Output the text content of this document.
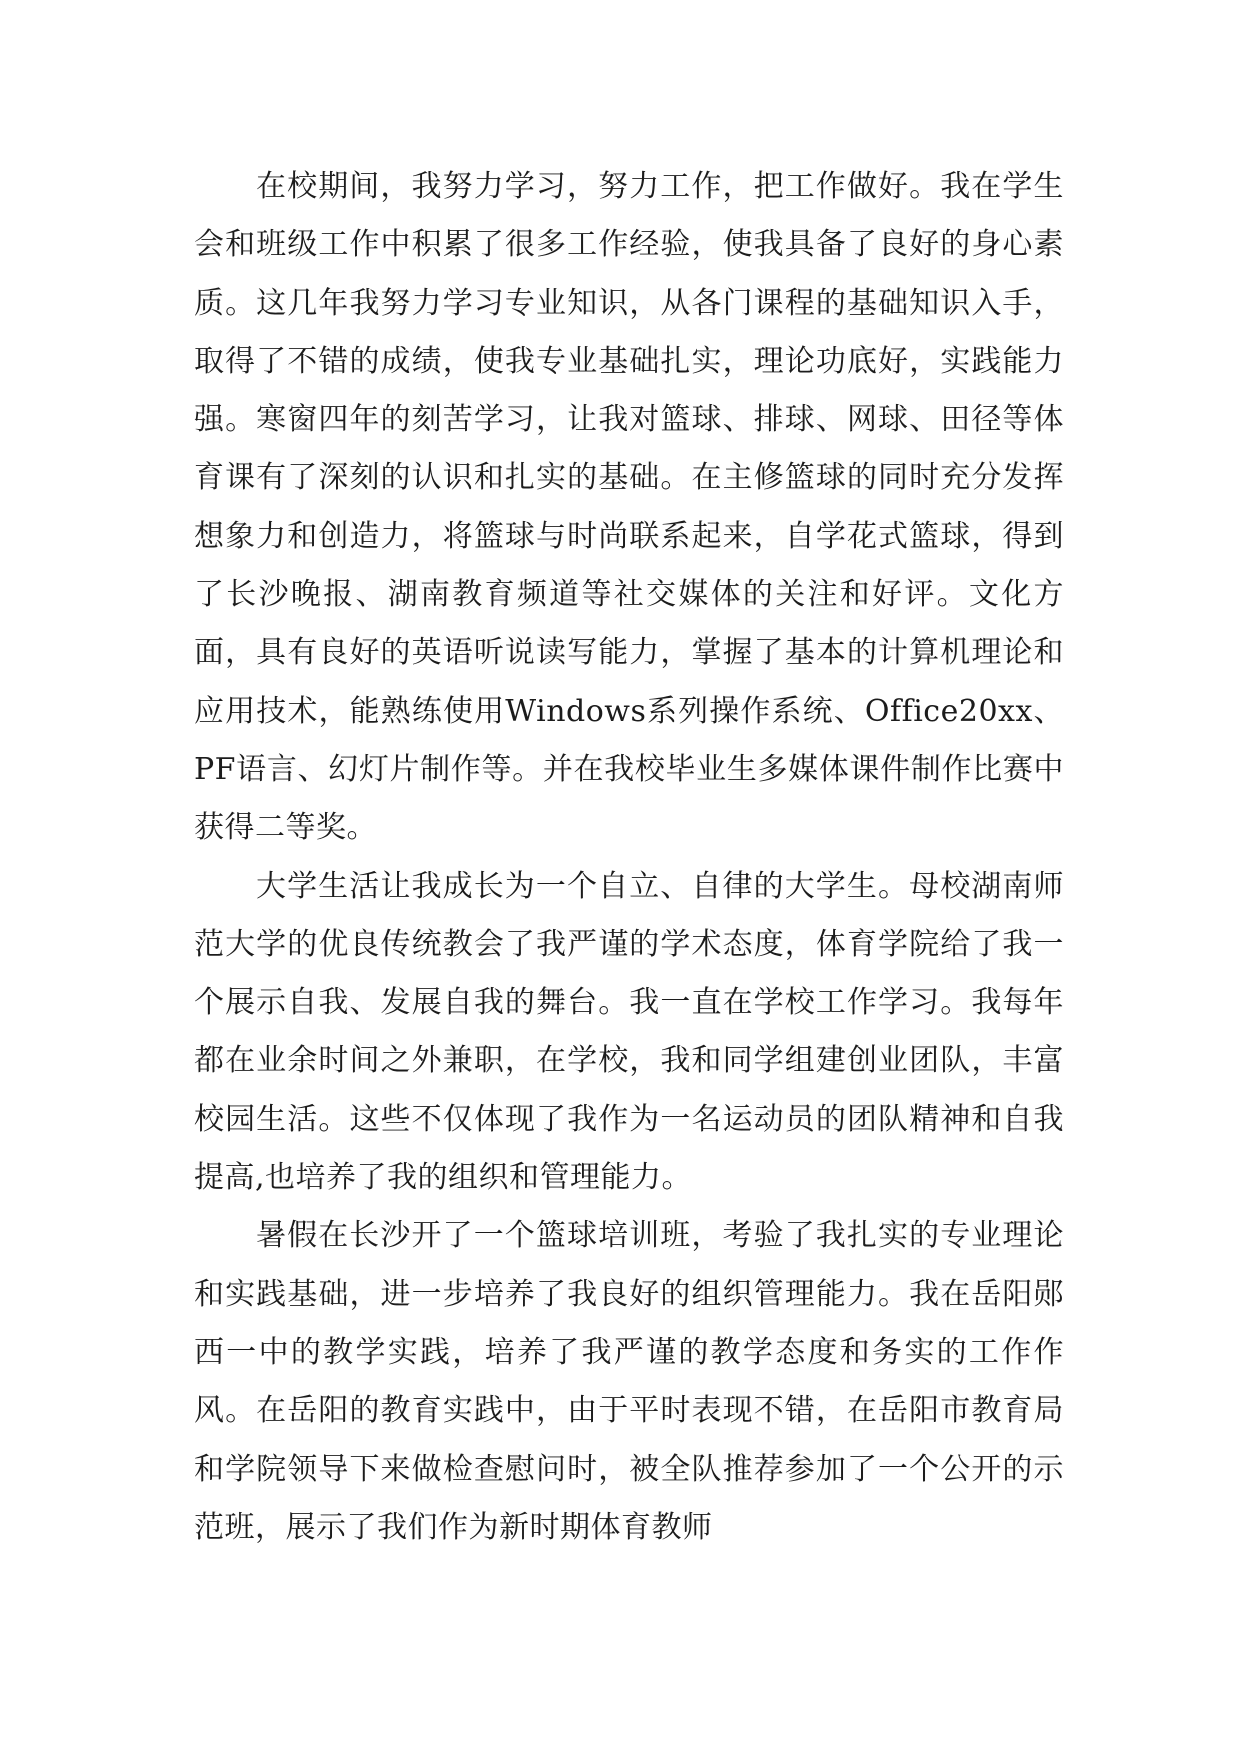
在校期间，我努力学习，努力工作，把工作做好。我在学生会和班级工作中积累了很多工作经验，使我具备了良好的身心素质。这几年我努力学习专业知识，从各门课程的基础知识入手，取得了不错的成绩，使我专业基础扎实，理论功底好，实践能力强。寒窗四年的刻苦学习，让我对篮球、排球、网球、田径等体育课有了深刻的认识和扎实的基础。在主修篮球的同时充分发挥想象力和创造力，将篮球与时尚联系起来，自学花式篮球，得到了长沙晚报、湖南教育频道等社交媒体的关注和好评。文化方面，具有良好的英语听说读写能力，掌握了基本的计算机理论和应用技术，能熟练使用Windows系列操作系统、Office20xx、PF语言、幻灯片制作等。并在我校毕业生多媒体课件制作比赛中获得二等奖。

大学生活让我成长为一个自立、自律的大学生。母校湖南师范大学的优良传统教会了我严谨的学术态度，体育学院给了我一个展示自我、发展自我的舞台。我一直在学校工作学习。我每年都在业余时间之外兼职，在学校，我和同学组建创业团队，丰富校园生活。这些不仅体现了我作为一名运动员的团队精神和自我提高,也培养了我的组织和管理能力。

暑假在长沙开了一个篮球培训班，考验了我扎实的专业理论和实践基础，进一步培养了我良好的组织管理能力。我在岳阳郧西一中的教学实践，培养了我严谨的教学态度和务实的工作作风。在岳阳的教育实践中，由于平时表现不错，在岳阳市教育局和学院领导下来做检查慰问时，被全队推荐参加了一个公开的示范班，展示了我们作为新时期体育教师
